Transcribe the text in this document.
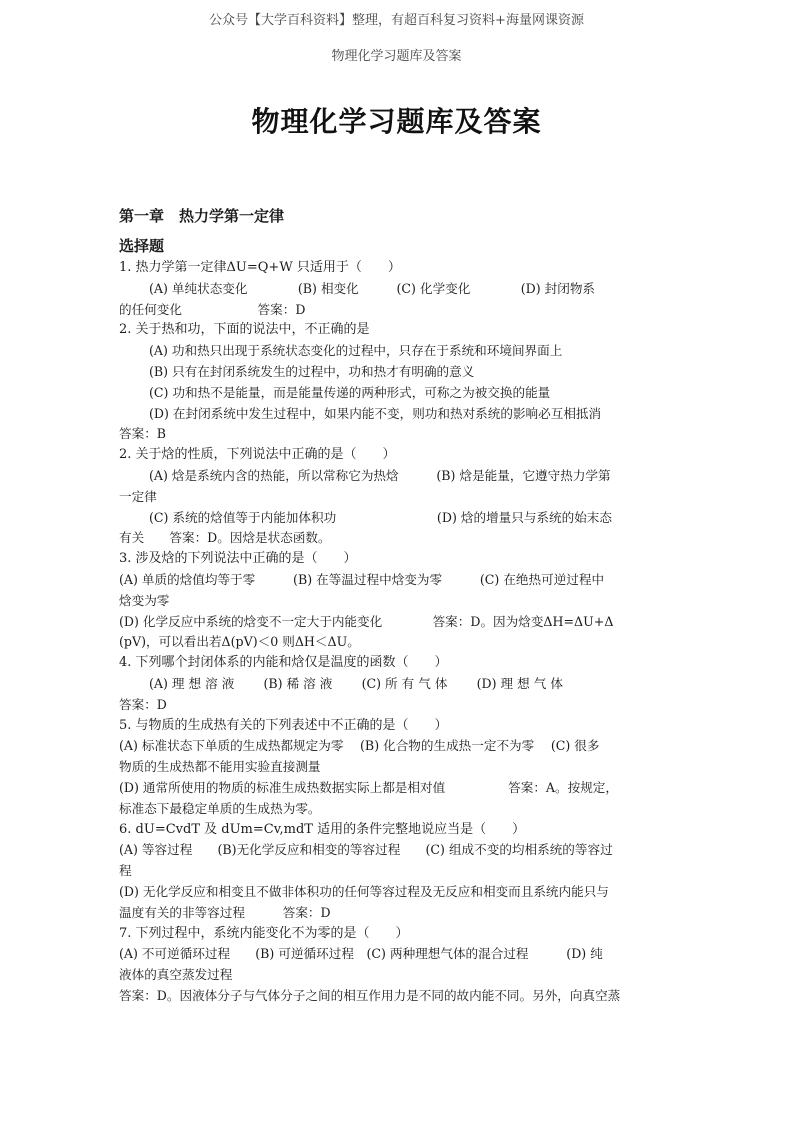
公众号【大学百科资料】整理，有超百科复习资料+海量网课资源
物理化学习题库及答案
物理化学习题库及答案
第一章　热力学第一定律
选择题
1. 热力学第一定律ΔU=Q+W 只适用于（　　）
(A) 单纯状态变化　　　　(B) 相变化　　　(C) 化学变化　　　　(D) 封闭物系
的任何变化　　　　　　答案：D
2. 关于热和功，下面的说法中，不正确的是
(A) 功和热只出现于系统状态变化的过程中，只存在于系统和环境间界面上
(B) 只有在封闭系统发生的过程中，功和热才有明确的意义
(C) 功和热不是能量，而是能量传递的两种形式，可称之为被交换的能量
(D) 在封闭系统中发生过程中，如果内能不变，则功和热对系统的影响必互相抵消
答案：B
2. 关于焓的性质，下列说法中正确的是（　　）
(A) 焓是系统内含的热能，所以常称它为热焓　　　(B) 焓是能量，它遵守热力学第
一定律
(C) 系统的焓值等于内能加体积功　　　　　　　　(D) 焓的增量只与系统的始末态
有关　　答案：D。因焓是状态函数。
3. 涉及焓的下列说法中正确的是（　　）
(A) 单质的焓值均等于零　　　(B) 在等温过程中焓变为零　　　(C) 在绝热可逆过程中
焓变为零
(D) 化学反应中系统的焓变不一定大于内能变化　　　　答案：D。因为焓变ΔH=ΔU+Δ
(pV)，可以看出若Δ(pV)＜0 则ΔH＜ΔU。
4. 下列哪个封闭体系的内能和焓仅是温度的函数（　　）
(A) 理 想 溶 液　　 (B) 稀 溶 液　　 (C) 所 有 气 体　　 (D) 理 想 气 体
答案：D
5. 与物质的生成热有关的下列表述中不正确的是（　　）
(A) 标准状态下单质的生成热都规定为零　 (B) 化合物的生成热一定不为零　 (C) 很多
物质的生成热都不能用实验直接测量
(D) 通常所使用的物质的标准生成热数据实际上都是相对值　　　　　答案：A。按规定，
标准态下最稳定单质的生成热为零。
6. dU=CvdT 及 dUm=Cv,mdT 适用的条件完整地说应当是（　　）
(A) 等容过程　　(B)无化学反应和相变的等容过程　　(C) 组成不变的均相系统的等容过
程
(D) 无化学反应和相变且不做非体积功的任何等容过程及无反应和相变而且系统内能只与
温度有关的非等容过程　　　答案：D
7. 下列过程中，系统内能变化不为零的是（　　）
(A) 不可逆循环过程　　(B) 可逆循环过程　(C) 两种理想气体的混合过程　　　(D) 纯
液体的真空蒸发过程
答案：D。因液体分子与气体分子之间的相互作用力是不同的故内能不同。另外，向真空蒸
